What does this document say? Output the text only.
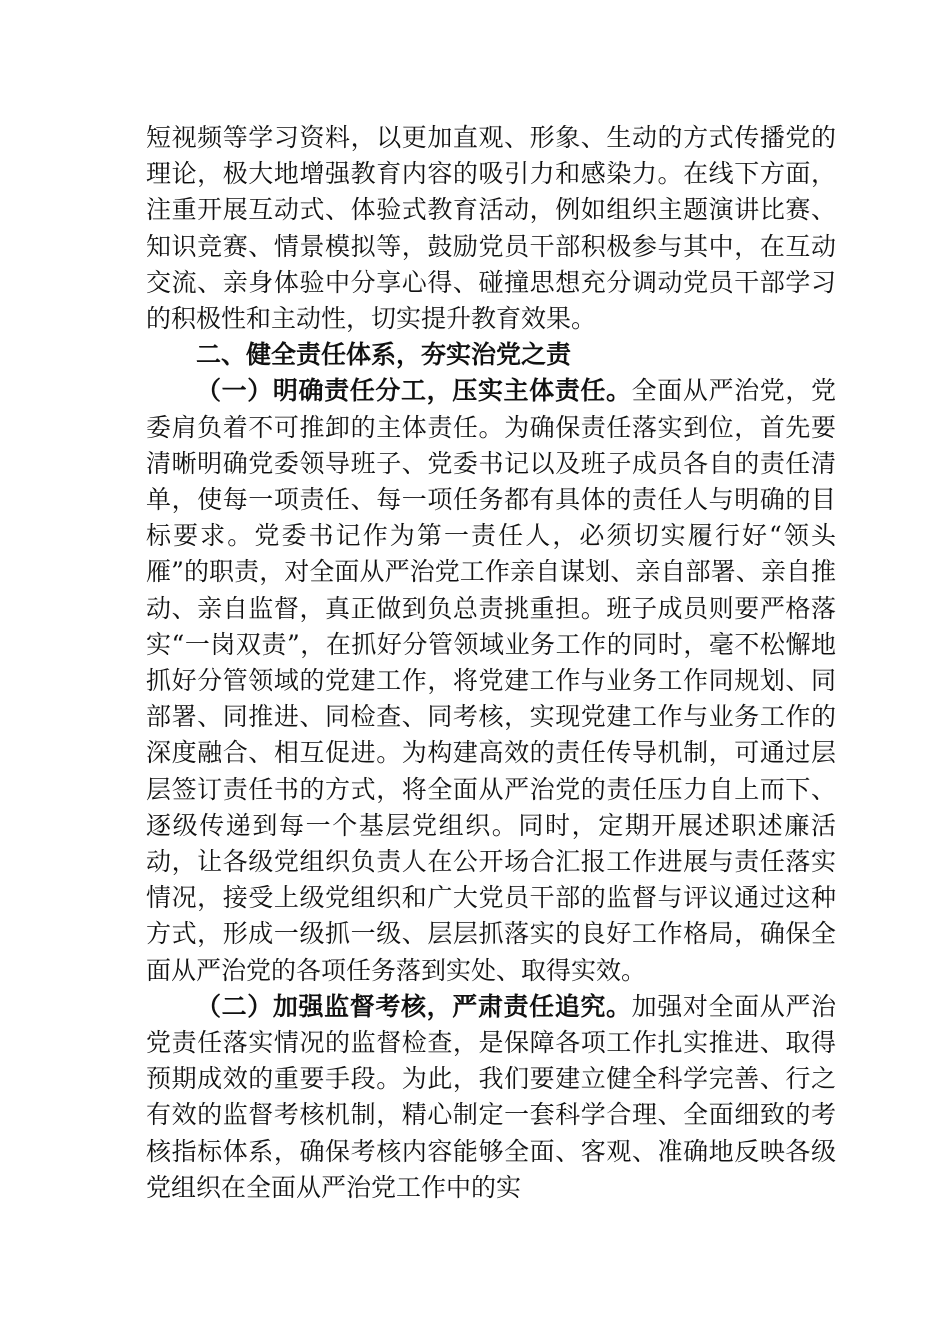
短视频等学习资料，以更加直观、形象、生动的方式传播党的理论，极大地增强教育内容的吸引力和感染力。在线下方面，注重开展互动式、体验式教育活动，例如组织主题演讲比赛、知识竞赛、情景模拟等，鼓励党员干部积极参与其中，在互动交流、亲身体验中分享心得、碰撞思想充分调动党员干部学习的积极性和主动性，切实提升教育效果。

二、健全责任体系，夯实治党之责

（一）明确责任分工，压实主体责任。全面从严治党，党委肩负着不可推卸的主体责任。为确保责任落实到位，首先要清晰明确党委领导班子、党委书记以及班子成员各自的责任清单，使每一项责任、每一项任务都有具体的责任人与明确的目标要求。党委书记作为第一责任人，必须切实履行好“领头雁”的职责，对全面从严治党工作亲自谋划、亲自部署、亲自推动、亲自监督，真正做到负总责挑重担。班子成员则要严格落实“一岗双责”，在抓好分管领域业务工作的同时，毫不松懈地抓好分管领域的党建工作，将党建工作与业务工作同规划、同部署、同推进、同检查、同考核，实现党建工作与业务工作的深度融合、相互促进。为构建高效的责任传导机制，可通过层层签订责任书的方式，将全面从严治党的责任压力自上而下、逐级传递到每一个基层党组织。同时，定期开展述职述廉活动，让各级党组织负责人在公开场合汇报工作进展与责任落实情况，接受上级党组织和广大党员干部的监督与评议通过这种方式，形成一级抓一级、层层抓落实的良好工作格局，确保全面从严治党的各项任务落到实处、取得实效。

（二）加强监督考核，严肃责任追究。加强对全面从严治党责任落实情况的监督检查，是保障各项工作扎实推进、取得预期成效的重要手段。为此，我们要建立健全科学完善、行之有效的监督考核机制，精心制定一套科学合理、全面细致的考核指标体系，确保考核内容能够全面、客观、准确地反映各级党组织在全面从严治党工作中的实
